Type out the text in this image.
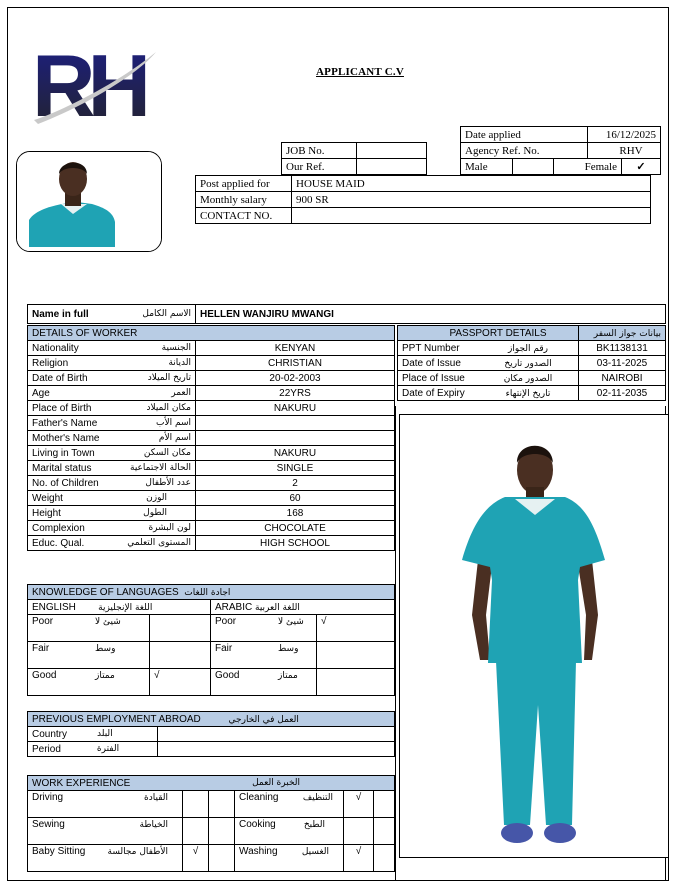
RH	APPLICANT C.V
JOB No.	
Our Ref.	
Date applied			16/12/2025	
Agency Ref. No.			RHV	
Male		Female		✓
Post applied for	HOUSE MAID
Monthly salary	900 SR
CONTACT NO.	
Name in full	الاسم الكامل	HELLEN WANJIRU MWANGI
DETAILS OF WORKER	

Nationality الجنسية	KENYAN

Religion الديانة	CHRISTIAN

Date of Birth تاريخ الميلاد	20-02-2003

Age العمر	22YRS

Place of Birth مكان الميلاد	NAKURU

Father's Name اسم الأب	

Mother's Name اسم الأم	

Living in Town مكان السكن	NAKURU

Marital status الحالة الاجتماعية	SINGLE

No. of Children عدد الأطفال	2

Weight الوزن	60

Height الطول	168

Complexion لون البشرة	CHOCOLATE

Educ. Qual. المستوى التعلمي	HIGH SCHOOL
PASSPORT DETAILS		بيانات جواز السفر
PPT Number	رقم الجواز	BK1138131
Date of Issue	الصدور تاريخ	03-11-2025
Place of Issue	الصدور مكان	NAIROBI
Date of Expiry	تاريخ الإنتهاء	02-11-2035
KNOWLEDGE OF LANGUAGES اجادة اللغات					
ENGLISH اللغة الإنجليزية			ARABIC اللغة العربية		
Poor	شيئ لا		Poor	شيئ لا	√
Fair	وسط		Fair	وسط	
Good	ممتاز	√	Good	ممتاز	
PREVIOUS EMPLOYMENT ABROAD العمل في الخارجي	

Country البلد	

Period الفترة	

WORK EXPERIENCE الخبرة العمل					

Driving القيادة			Cleaning التنظيف	√	

Sewing الخياطة			Cooking الطبخ		

Baby Sitting الأطفال مجالسة	√		Washing الغسيل	√	
